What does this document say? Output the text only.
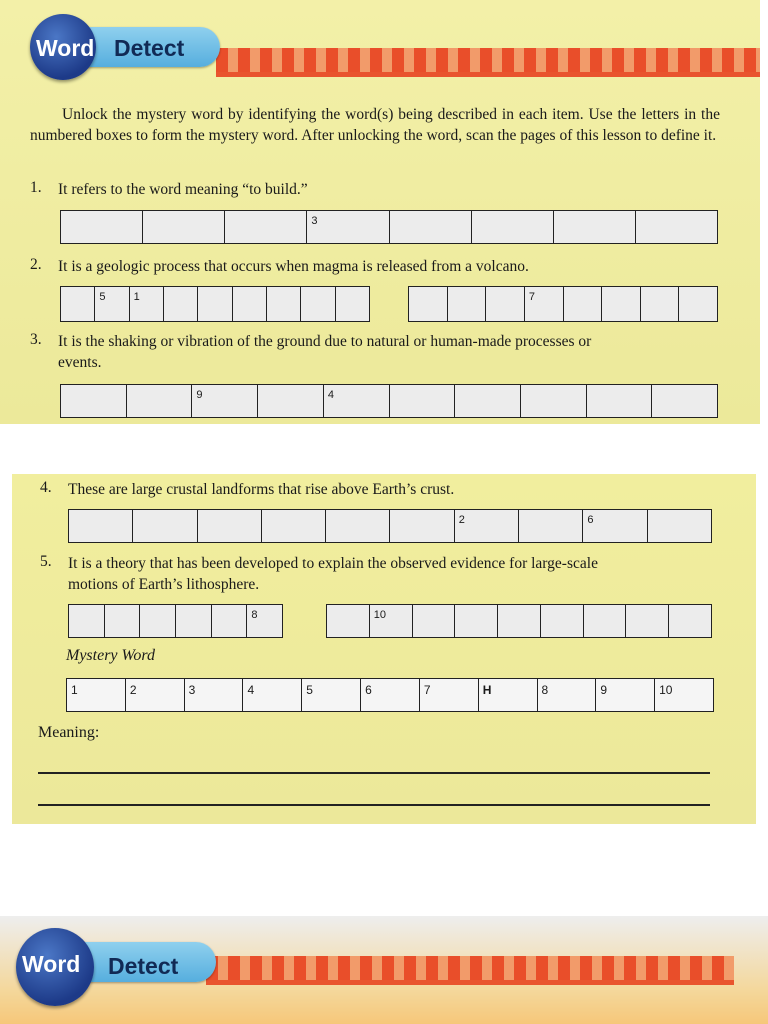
Word Detect

Unlock the mystery word by identifying the word(s) being described in each item. Use the letters in the numbered boxes to form the mystery word. After unlocking the word, scan the pages of this lesson to define it.

1. It refers to the word meaning “to build.”
3
2. It is a geologic process that occurs when magma is released from a volcano.
5	1	7
3. It is the shaking or vibration of the ground due to natural or human-made processes or
events.
9	4
4. These are large crustal landforms that rise above Earth’s crust.
2	6
5. It is a theory that has been developed to explain the observed evidence for large-scale
motions of Earth’s lithosphere.
8	10
Mystery Word
1	2	3	4	5	6	7	H	8	9	10
Meaning:
Word Detect
